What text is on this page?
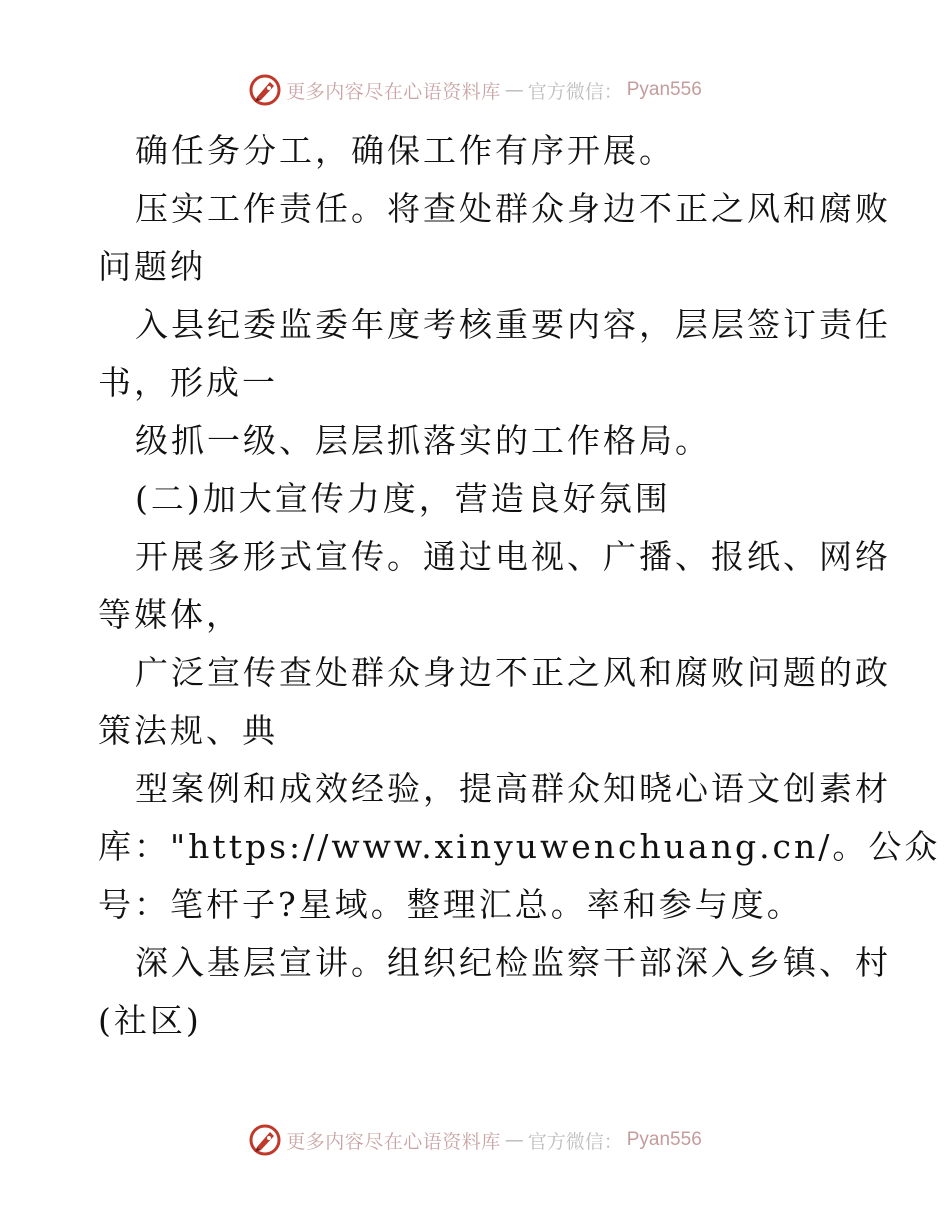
更多内容尽在心语资料库 — 官方微信： Pyan556
确任务分工，确保工作有序开展。
压实工作责任。将查处群众身边不正之风和腐败
问题纳
入县纪委监委年度考核重要内容，层层签订责任
书，形成一
级抓一级、层层抓落实的工作格局。
(二)加大宣传力度，营造良好氛围
开展多形式宣传。通过电视、广播、报纸、网络
等媒体，
广泛宣传查处群众身边不正之风和腐败问题的政
策法规、典
型案例和成效经验，提高群众知晓心语文创素材
库："https://www.xinyuwenchuang.cn/。公众
号：笔杆子?星域。整理汇总。率和参与度。
深入基层宣讲。组织纪检监察干部深入乡镇、村
(社区)
更多内容尽在心语资料库 — 官方微信： Pyan556
